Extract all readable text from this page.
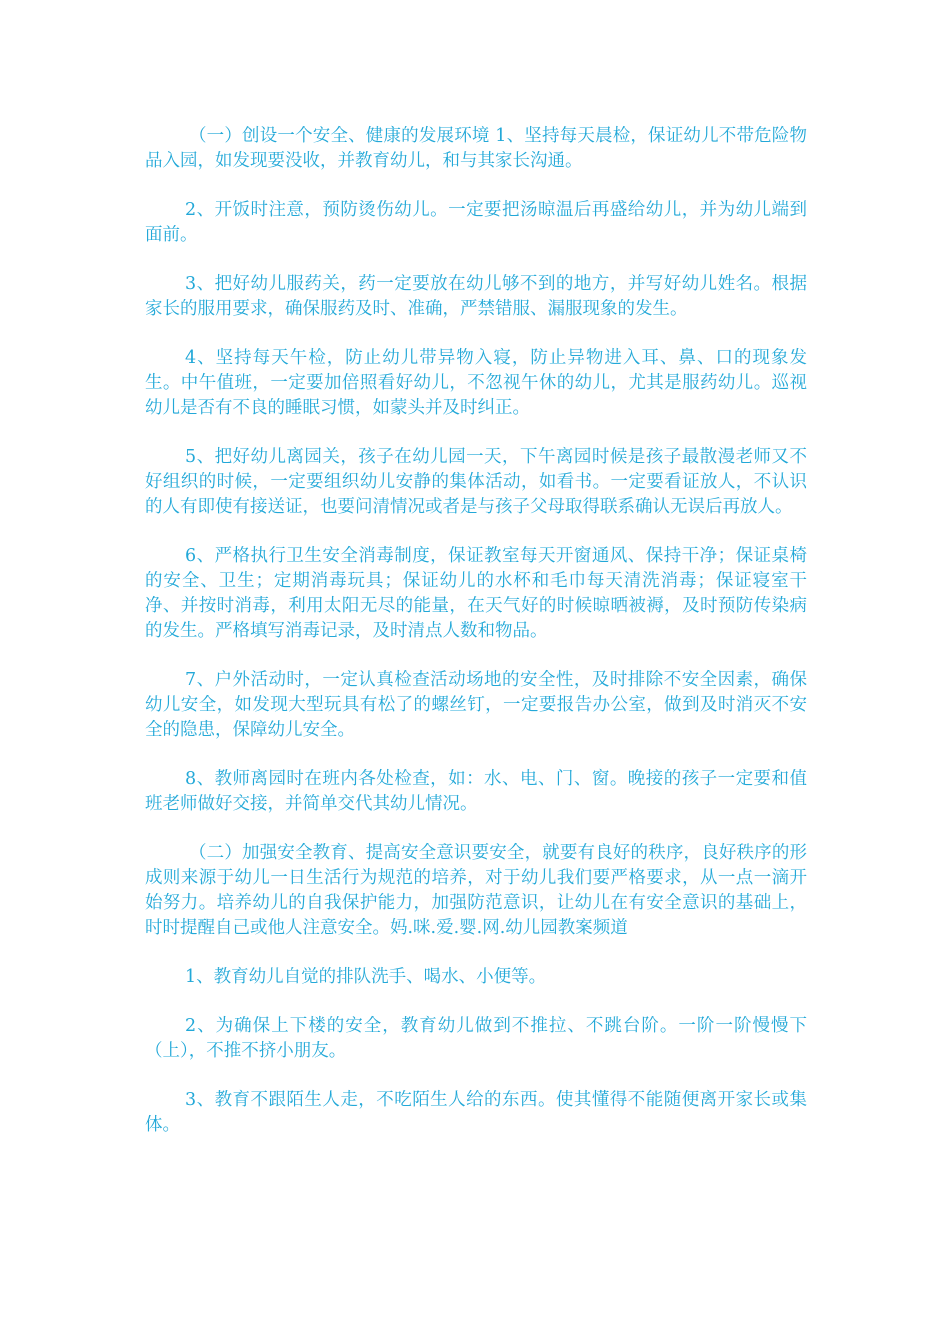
（一）创设一个安全、健康的发展环境 1、坚持每天晨检，保证幼儿不带危险物品入园，如发现要没收，并教育幼儿，和与其家长沟通。

2、开饭时注意，预防烫伤幼儿。一定要把汤晾温后再盛给幼儿，并为幼儿端到面前。

3、把好幼儿服药关，药一定要放在幼儿够不到的地方，并写好幼儿姓名。根据家长的服用要求，确保服药及时、准确，严禁错服、漏服现象的发生。

4、坚持每天午检，防止幼儿带异物入寝，防止异物进入耳、鼻、口的现象发生。中午值班，一定要加倍照看好幼儿，不忽视午休的幼儿，尤其是服药幼儿。巡视幼儿是否有不良的睡眠习惯，如蒙头并及时纠正。

5、把好幼儿离园关，孩子在幼儿园一天，下午离园时候是孩子最散漫老师又不好组织的时候，一定要组织幼儿安静的集体活动，如看书。一定要看证放人，不认识的人有即使有接送证，也要问清情况或者是与孩子父母取得联系确认无误后再放人。

6、严格执行卫生安全消毒制度，保证教室每天开窗通风、保持干净；保证桌椅的安全、卫生；定期消毒玩具；保证幼儿的水杯和毛巾每天清洗消毒；保证寝室干净、并按时消毒，利用太阳无尽的能量，在天气好的时候晾晒被褥，及时预防传染病的发生。严格填写消毒记录，及时清点人数和物品。

7、户外活动时，一定认真检查活动场地的安全性，及时排除不安全因素，确保幼儿安全，如发现大型玩具有松了的螺丝钉，一定要报告办公室，做到及时消灭不安全的隐患，保障幼儿安全。

8、教师离园时在班内各处检查，如：水、电、门、窗。晚接的孩子一定要和值班老师做好交接，并简单交代其幼儿情况。

（二）加强安全教育、提高安全意识要安全，就要有良好的秩序，良好秩序的形成则来源于幼儿一日生活行为规范的培养，对于幼儿我们要严格要求，从一点一滴开始努力。培养幼儿的自我保护能力，加强防范意识，让幼儿在有安全意识的基础上，时时提醒自己或他人注意安全。妈.咪.爱.婴.网.幼儿园教案频道

1、教育幼儿自觉的排队洗手、喝水、小便等。

2、为确保上下楼的安全，教育幼儿做到不推拉、不跳台阶。一阶一阶慢慢下（上），不推不挤小朋友。

3、教育不跟陌生人走，不吃陌生人给的东西。使其懂得不能随便离开家长或集体。
